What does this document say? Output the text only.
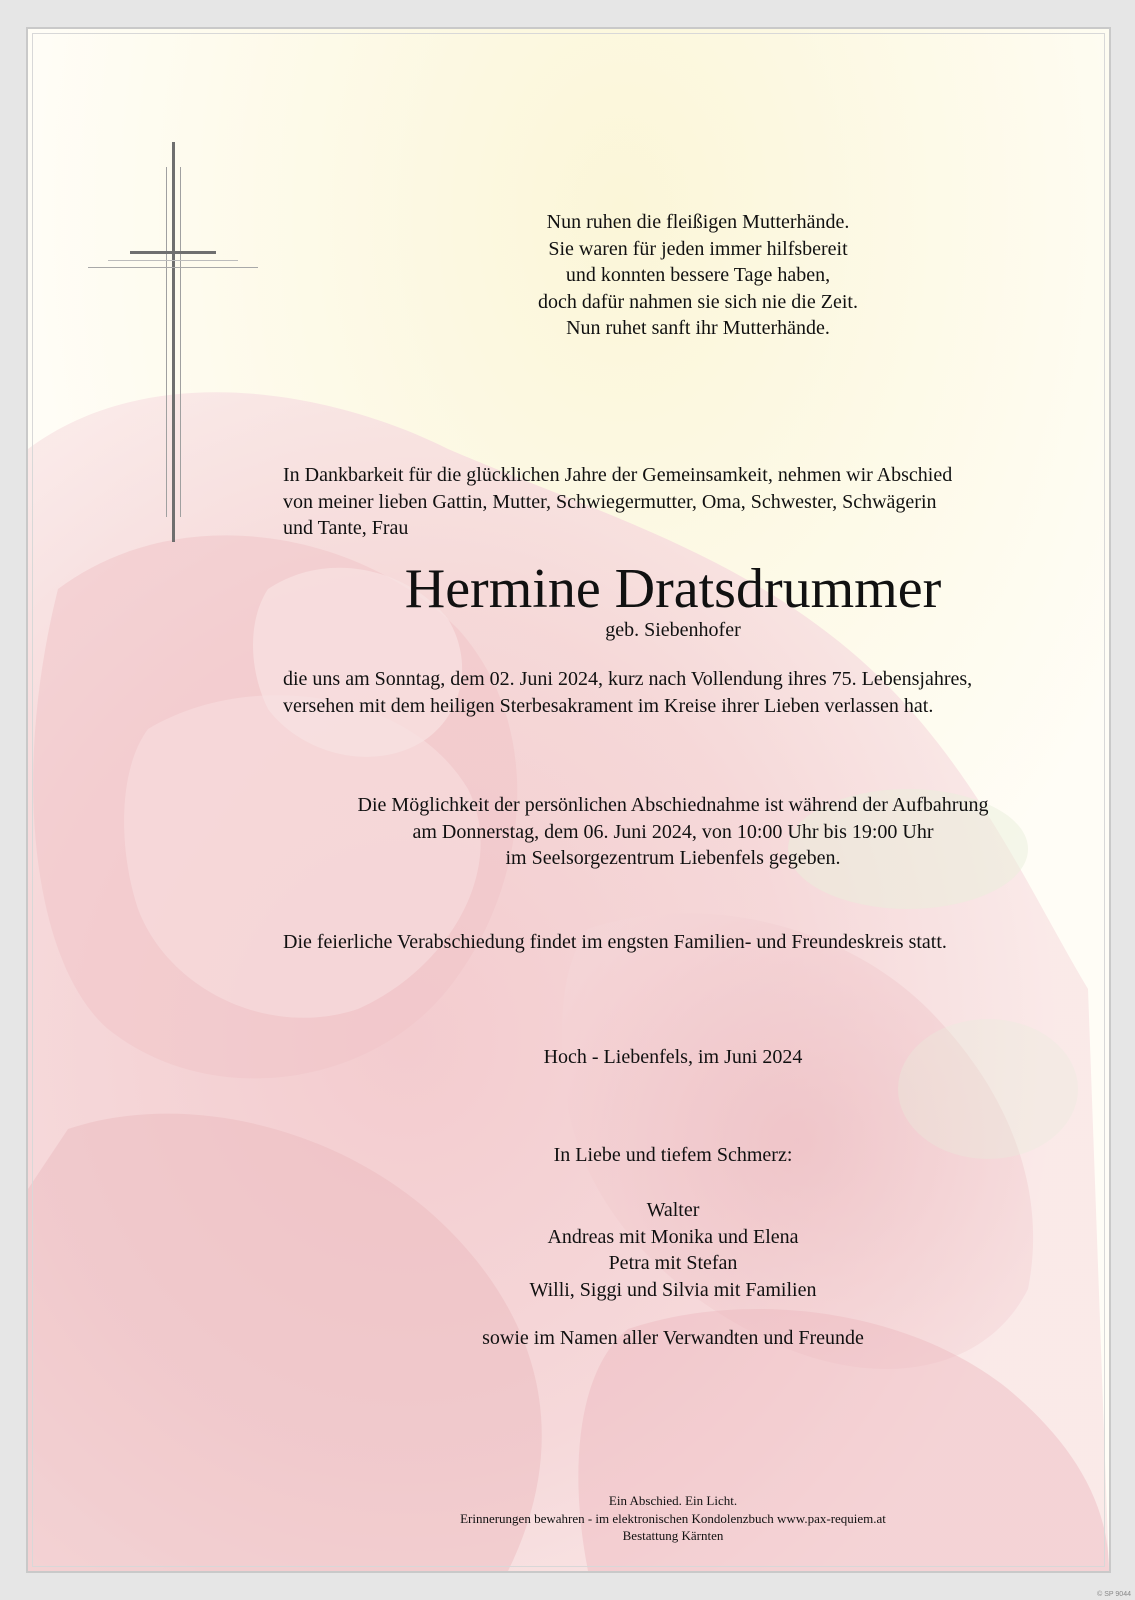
Nun ruhen die fleißigen Mutterhände.
Sie waren für jeden immer hilfsbereit
und konnten bessere Tage haben,
doch dafür nahmen sie sich nie die Zeit.
Nun ruhet sanft ihr Mutterhände.
In Dankbarkeit für die glücklichen Jahre der Gemeinsamkeit, nehmen wir Abschied
von meiner lieben Gattin, Mutter, Schwiegermutter, Oma, Schwester, Schwägerin
und Tante, Frau
Hermine Dratsdrummer
geb. Siebenhofer
die uns am Sonntag, dem 02. Juni 2024, kurz nach Vollendung ihres 75. Lebensjahres,
versehen mit dem heiligen Sterbesakrament im Kreise ihrer Lieben verlassen hat.
Die Möglichkeit der persönlichen Abschiednahme ist während der Aufbahrung
am Donnerstag, dem 06. Juni 2024, von 10:00 Uhr bis 19:00 Uhr
im Seelsorgezentrum Liebenfels gegeben.
Die feierliche Verabschiedung findet im engsten Familien- und Freundeskreis statt.
Hoch - Liebenfels, im Juni 2024
In Liebe und tiefem Schmerz:
Walter
Andreas mit Monika und Elena
Petra mit Stefan
Willi, Siggi und Silvia mit Familien
sowie im Namen aller Verwandten und Freunde
Ein Abschied. Ein Licht.
Erinnerungen bewahren - im elektronischen Kondolenzbuch www.pax-requiem.at
Bestattung Kärnten
© SP 9044
